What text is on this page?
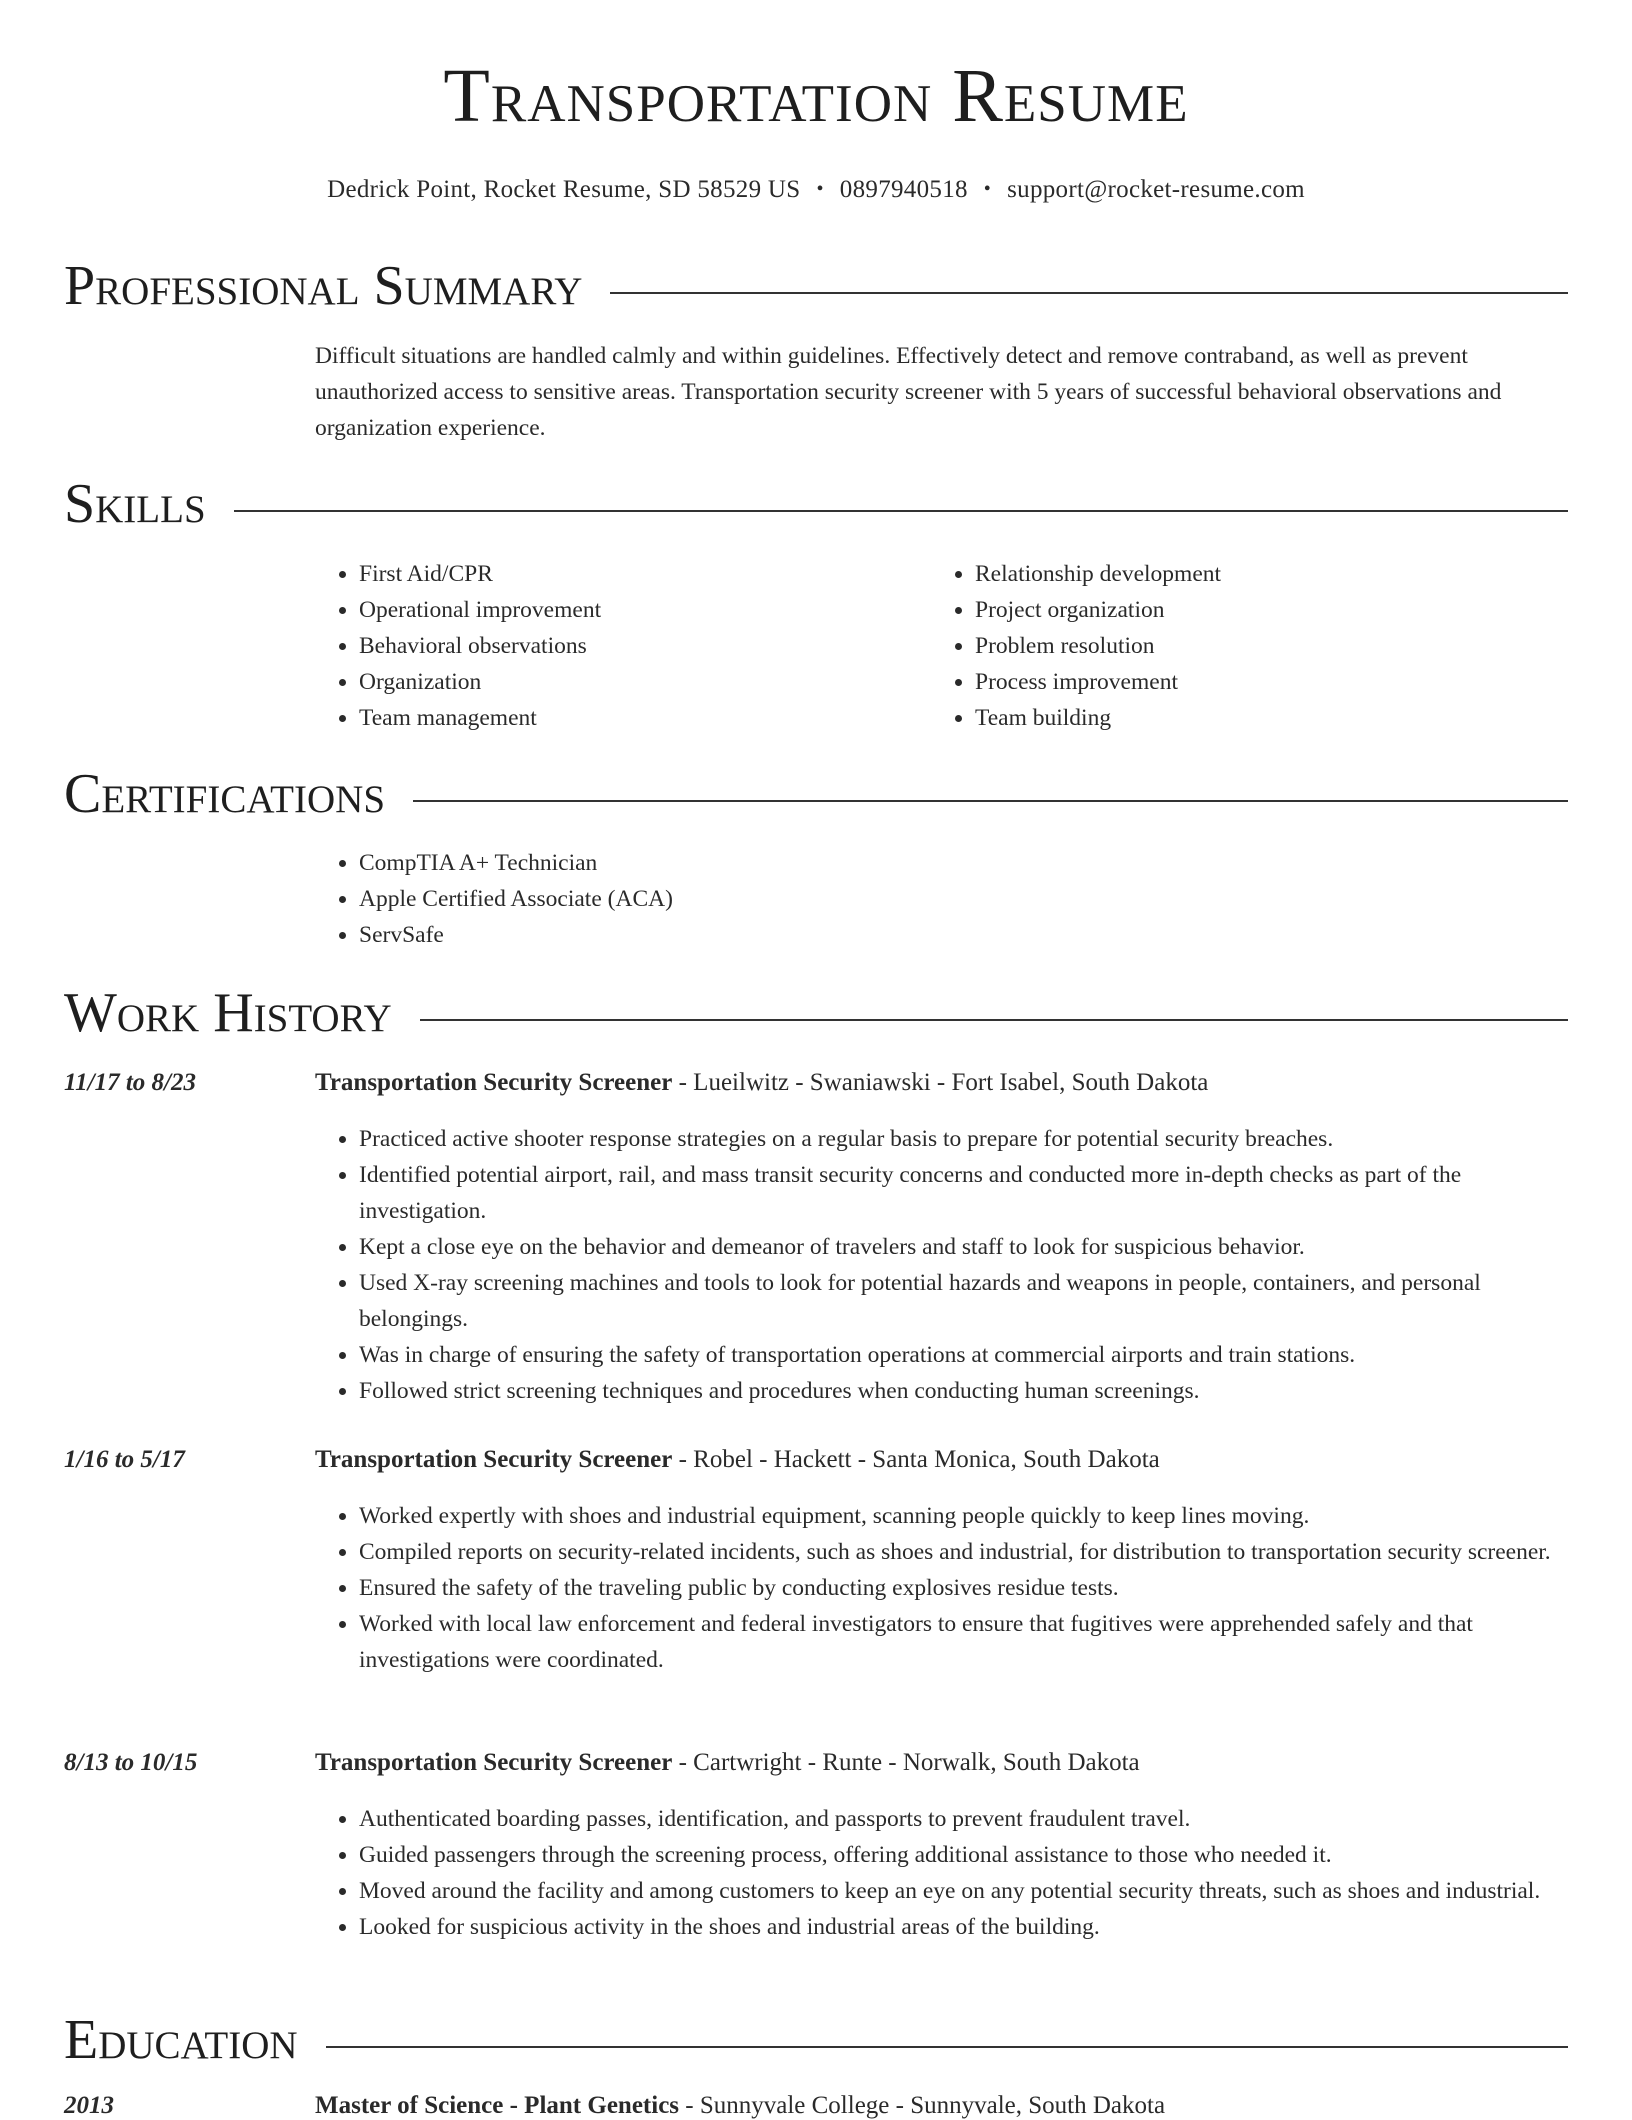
Transportation Resume
Dedrick Point, Rocket Resume, SD 58529 US • 0897940518 • support@rocket-resume.com
Professional Summary
Difficult situations are handled calmly and within guidelines. Effectively detect and remove contraband, as well as prevent unauthorized access to sensitive areas. Transportation security screener with 5 years of successful behavioral observations and organization experience.
Skills
• First Aid/CPR
• Operational improvement
• Behavioral observations
• Organization
• Team management
• Relationship development
• Project organization
• Problem resolution
• Process improvement
• Team building
Certifications
• CompTIA A+ Technician
• Apple Certified Associate (ACA)
• ServSafe
Work History
11/17 to 8/23	Transportation Security Screener - Lueilwitz - Swaniawski - Fort Isabel, South Dakota
• Practiced active shooter response strategies on a regular basis to prepare for potential security breaches.
• Identified potential airport, rail, and mass transit security concerns and conducted more in-depth checks as part of the investigation.
• Kept a close eye on the behavior and demeanor of travelers and staff to look for suspicious behavior.
• Used X-ray screening machines and tools to look for potential hazards and weapons in people, containers, and personal belongings.
• Was in charge of ensuring the safety of transportation operations at commercial airports and train stations.
• Followed strict screening techniques and procedures when conducting human screenings.
1/16 to 5/17	Transportation Security Screener - Robel - Hackett - Santa Monica, South Dakota
• Worked expertly with shoes and industrial equipment, scanning people quickly to keep lines moving.
• Compiled reports on security-related incidents, such as shoes and industrial, for distribution to transportation security screener.
• Ensured the safety of the traveling public by conducting explosives residue tests.
• Worked with local law enforcement and federal investigators to ensure that fugitives were apprehended safely and that investigations were coordinated.
8/13 to 10/15	Transportation Security Screener - Cartwright - Runte - Norwalk, South Dakota
• Authenticated boarding passes, identification, and passports to prevent fraudulent travel.
• Guided passengers through the screening process, offering additional assistance to those who needed it.
• Moved around the facility and among customers to keep an eye on any potential security threats, such as shoes and industrial.
• Looked for suspicious activity in the shoes and industrial areas of the building.
Education
2013	Master of Science - Plant Genetics - Sunnyvale College - Sunnyvale, South Dakota
